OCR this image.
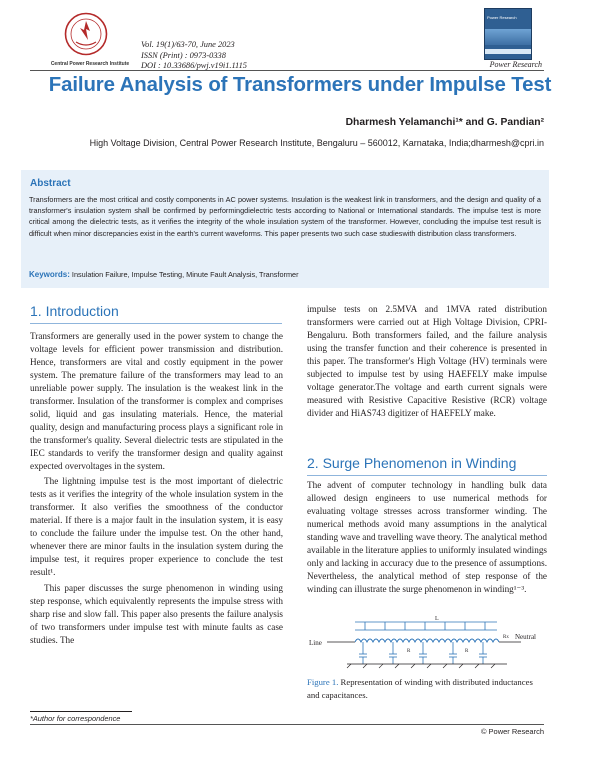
Central Power Research Institute
Vol. 19(1)/63-70, June 2023
ISSN (Print) : 0973-0338
DOI : 10.33686/pwj.v19i1.1115
Power Research
Power Research
Failure Analysis of Transformers under Impulse Test
Dharmesh Yelamanchi¹* and G. Pandian²
High Voltage Division, Central Power Research Institute, Bengaluru – 560012, Karnataka, India;dharmesh@cpri.in
Abstract
Transformers are the most critical and costly components in AC power systems. Insulation is the weakest link in transformers, and the design and quality of a transformer's insulation system shall be confirmed by performingdielectric tests according to National or International standards. The impulse test is more critical among the dielectric tests, as it verifies the integrity of the whole insulation system of the transformer. However, concluding the impulse test result is difficult when minor discrepancies exist in the earth's current waveforms. This paper presents two such case studieswith distribution class transformers.
Keywords: Insulation Failure, Impulse Testing, Minute Fault Analysis, Transformer
1. Introduction

Transformers are generally used in the power system to change the voltage levels for efficient power transmission and distribution. Hence, transformers are vital and costly equipment in the power system. The premature failure of the transformers may lead to an unreliable power supply. The insulation is the weakest link in the transformer. Insulation of the transformer is complex and comprises solid, liquid and gas insulating materials. Hence, the material quality, design and manufacturing process plays a significant role in the transformer's quality. Several dielectric tests are stipulated in the IEC standards to verify the transformer design and quality against expected overvoltages in the system.

The lightning impulse test is the most important of dielectric tests as it verifies the integrity of the whole insulation system in the transformer. It also verifies the smoothness of the conductor material. If there is a major fault in the insulation system, it is easy to conclude the failure under the impulse test. On the other hand, whenever there are minor faults in the insulation system during the impulse test, it requires proper experience to conclude the test result¹.

This paper discusses the surge phenomenon in winding using step response, which equivalently represents the impulse stress with sharp rise and slow fall. This paper also presents the failure analysis of two transformers under impulse test with minute faults as case studies. The

impulse tests on 2.5MVA and 1MVA rated distribution transformers were carried out at High Voltage Division, CPRI-Bengaluru. Both transformers failed, and the failure analysis using the transfer function and their coherence is presented in this paper. The transformer's High Voltage (HV) terminals were subjected to impulse test by using HAEFELY make impulse voltage generator.The voltage and earth current signals were measured with Resistive Capacitive Resistive (RCR) voltage divider and HiAS743 digitizer of HAEFELY make.

2. Surge Phenomenon in Winding

The advent of computer technology in handling bulk data allowed design engineers to use numerical methods for evaluating voltage stresses across transformer winding. The numerical methods avoid many assumptions in the analytical standing wave and travelling wave theory. The analytical method available in the literature applies to uniformly insulated windings only and lacking in accuracy due to the presence of assumptions. Nevertheless, the analytical method of step response of the winding can illustrate the surge phenomenon in winding¹⁻³.

L
Line
Neutral
Rx
R	R
Figure 1. Representation of winding with distributed inductances and capacitances.
*Author for correspondence
© Power Research
